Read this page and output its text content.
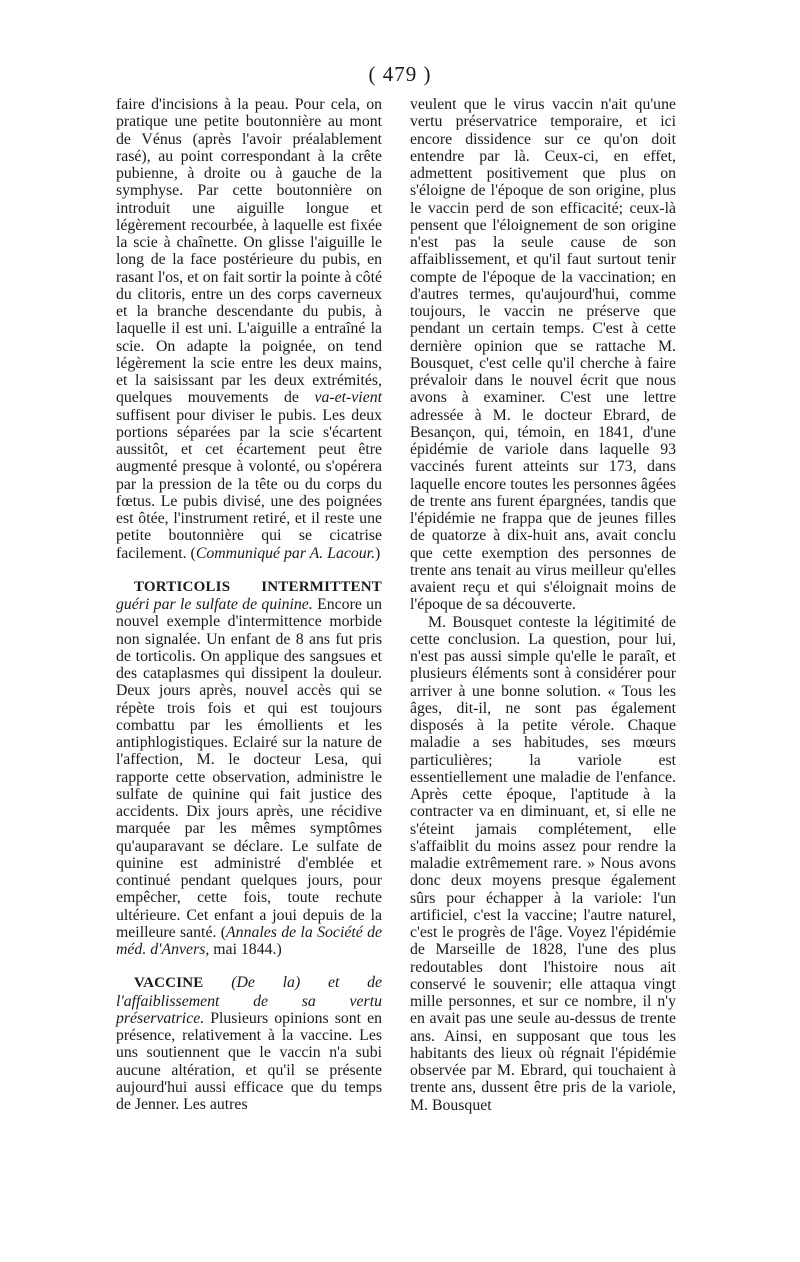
( 479 )

faire d'incisions à la peau. Pour cela, on pratique une petite boutonnière au mont de Vénus (après l'avoir préalablement rasé), au point correspondant à la crête pubienne, à droite ou à gauche de la symphyse. Par cette boutonnière on introduit une aiguille longue et légèrement recourbée, à laquelle est fixée la scie à chaînette. On glisse l'aiguille le long de la face postérieure du pubis, en rasant l'os, et on fait sortir la pointe à côté du clitoris, entre un des corps caverneux et la branche descendante du pubis, à laquelle il est uni. L'aiguille a entraîné la scie. On adapte la poignée, on tend légèrement la scie entre les deux mains, et la saisissant par les deux extrémités, quelques mouvements de va-et-vient suffisent pour diviser le pubis. Les deux portions séparées par la scie s'écartent aussitôt, et cet écartement peut être augmenté presque à volonté, ou s'opérera par la pression de la tête ou du corps du fœtus. Le pubis divisé, une des poignées est ôtée, l'instrument retiré, et il reste une petite boutonnière qui se cicatrise facilement. (Communiqué par A. Lacour.)

TORTICOLIS INTERMITTENT guéri par le sulfate de quinine. Encore un nouvel exemple d'intermittence morbide non signalée. Un enfant de 8 ans fut pris de torticolis. On applique des sangsues et des cataplasmes qui dissipent la douleur. Deux jours après, nouvel accès qui se répète trois fois et qui est toujours combattu par les émollients et les antiphlogistiques. Eclairé sur la nature de l'affection, M. le docteur Lesa, qui rapporte cette observation, administre le sulfate de quinine qui fait justice des accidents. Dix jours après, une récidive marquée par les mêmes symptômes qu'auparavant se déclare. Le sulfate de quinine est administré d'emblée et continué pendant quelques jours, pour empêcher, cette fois, toute rechute ultérieure. Cet enfant a joui depuis de la meilleure santé. (Annales de la Société de méd. d'Anvers, mai 1844.)

VACCINE (De la) et de l'affaiblissement de sa vertu préservatrice. Plusieurs opinions sont en présence, relativement à la vaccine. Les uns soutiennent que le vaccin n'a subi aucune altération, et qu'il se présente aujourd'hui aussi efficace que du temps de Jenner. Les autres

veulent que le virus vaccin n'ait qu'une vertu préservatrice temporaire, et ici encore dissidence sur ce qu'on doit entendre par là. Ceux-ci, en effet, admettent positivement que plus on s'éloigne de l'époque de son origine, plus le vaccin perd de son efficacité; ceux-là pensent que l'éloignement de son origine n'est pas la seule cause de son affaiblissement, et qu'il faut surtout tenir compte de l'époque de la vaccination; en d'autres termes, qu'aujourd'hui, comme toujours, le vaccin ne préserve que pendant un certain temps. C'est à cette dernière opinion que se rattache M. Bousquet, c'est celle qu'il cherche à faire prévaloir dans le nouvel écrit que nous avons à examiner. C'est une lettre adressée à M. le docteur Ebrard, de Besançon, qui, témoin, en 1841, d'une épidémie de variole dans laquelle 93 vaccinés furent atteints sur 173, dans laquelle encore toutes les personnes âgées de trente ans furent épargnées, tandis que l'épidémie ne frappa que de jeunes filles de quatorze à dix-huit ans, avait conclu que cette exemption des personnes de trente ans tenait au virus meilleur qu'elles avaient reçu et qui s'éloignait moins de l'époque de sa découverte.

M. Bousquet conteste la légitimité de cette conclusion. La question, pour lui, n'est pas aussi simple qu'elle le paraît, et plusieurs éléments sont à considérer pour arriver à une bonne solution. « Tous les âges, dit-il, ne sont pas également disposés à la petite vérole. Chaque maladie a ses habitudes, ses mœurs particulières; la variole est essentiellement une maladie de l'enfance. Après cette époque, l'aptitude à la contracter va en diminuant, et, si elle ne s'éteint jamais complétement, elle s'affaiblit du moins assez pour rendre la maladie extrêmement rare. » Nous avons donc deux moyens presque également sûrs pour échapper à la variole: l'un artificiel, c'est la vaccine; l'autre naturel, c'est le progrès de l'âge. Voyez l'épidémie de Marseille de 1828, l'une des plus redoutables dont l'histoire nous ait conservé le souvenir; elle attaqua vingt mille personnes, et sur ce nombre, il n'y en avait pas une seule au-dessus de trente ans. Ainsi, en supposant que tous les habitants des lieux où régnait l'épidémie observée par M. Ebrard, qui touchaient à trente ans, dussent être pris de la variole, M. Bousquet
